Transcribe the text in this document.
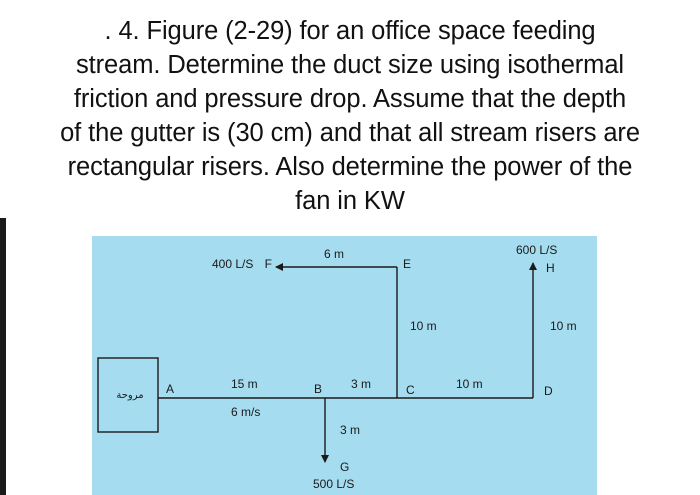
. 4. Figure (2-29) for an office space feeding
stream. Determine the duct size using isothermal
friction and pressure drop. Assume that the depth
of the gutter is (30 cm) and that all stream risers are
rectangular risers. Also determine the power of the
fan in KW
مروحة A	B	C	D
E
F
G
H
400 L/S
500 L/S
600 L/S
6 m
10 m	10 m
15 m	3 m	10 m
3 m
6 m/s
